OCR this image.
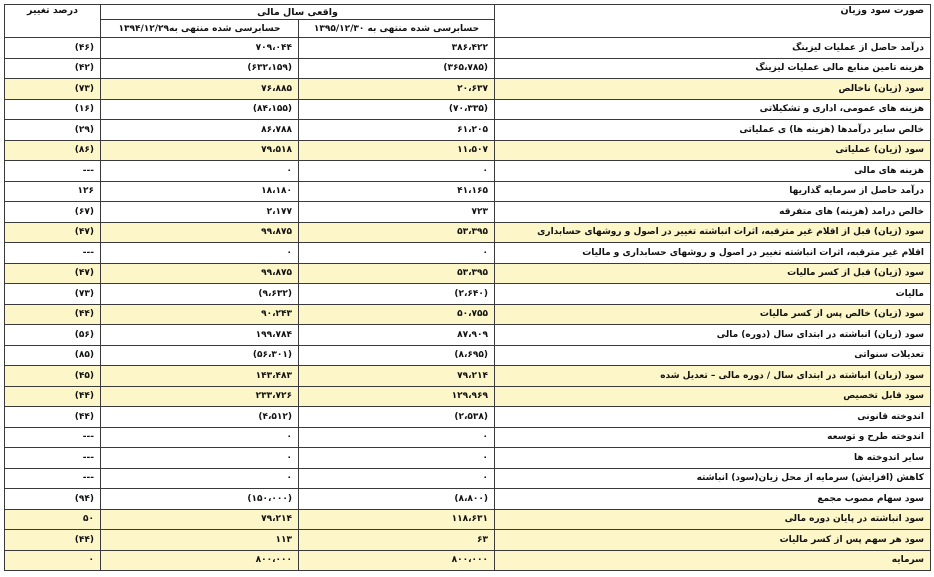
صورت سود وزیان	واقعی سال مالی		درصد تغییر
	حسابرسی شده منتهی به ۱۳۹۵/۱۲/۳۰	حسابرسی شده منتهی به۱۳۹۴/۱۲/۲۹	
درآمد حاصل از عملیات لیزینگ	۳۸۶،۴۲۲	۷۰۹،۰۴۴	(۴۶)
هزینه تامین منابع مالی عملیات لیزینگ	(۳۶۵،۷۸۵)	(۶۳۲،۱۵۹)	(۴۲)
سود (زیان) ناخالص	۲۰،۶۳۷	۷۶،۸۸۵	(۷۳)
هزینه های عمومی، اداری و تشکیلاتی	(۷۰،۳۳۵)	(۸۴،۱۵۵)	(۱۶)
خالص سایر درآمدها (هزینه ها) ی عملیاتی	۶۱،۲۰۵	۸۶،۷۸۸	(۲۹)
سود (زیان) عملیاتی	۱۱،۵۰۷	۷۹،۵۱۸	(۸۶)
هزینه های مالی	۰	۰	---
درآمد حاصل از سرمایه گذاریها	۴۱،۱۶۵	۱۸،۱۸۰	۱۲۶
خالص درامد (هزینه) های متفرقه	۷۲۳	۲،۱۷۷	(۶۷)
سود (زیان) قبل از اقلام غیر مترقبه، اثرات انباشته تغییر در اصول و روشهای حسابداری	۵۳،۳۹۵	۹۹،۸۷۵	(۴۷)
اقلام غیر مترقبه، اثرات انباشته تغییر در اصول و روشهای حسابداری و مالیات	۰	۰	---
سود (زیان) قبل از کسر مالیات	۵۳،۳۹۵	۹۹،۸۷۵	(۴۷)
مالیات	(۲،۶۴۰)	(۹،۶۳۲)	(۷۳)
سود (زیان) خالص پس از کسر مالیات	۵۰،۷۵۵	۹۰،۲۴۳	(۴۴)
سود (زیان) انباشته در ابتدای سال (دوره) مالی	۸۷،۹۰۹	۱۹۹،۷۸۴	(۵۶)
تعدیلات سنواتی	(۸،۶۹۵)	(۵۶،۳۰۱)	(۸۵)
سود (زیان) انباشته در ابتدای سال / دوره مالی – تعدیل شده	۷۹،۲۱۴	۱۴۳،۴۸۳	(۴۵)
سود قابل تخصیص	۱۲۹،۹۶۹	۲۳۳،۷۲۶	(۴۴)
اندوخته قانونی	(۲،۵۳۸)	(۴،۵۱۲)	(۴۴)
اندوخته طرح و توسعه	۰	۰	---
سایر اندوخته ها	۰	۰	---
کاهش (افزایش) سرمایه از محل زیان(سود) انباشته	۰	۰	---
سود سهام مصوب مجمع	(۸،۸۰۰)	(۱۵۰،۰۰۰)	(۹۴)
سود انباشته در پایان دوره مالی	۱۱۸،۶۳۱	۷۹،۲۱۴	۵۰
سود هر سهم پس از کسر مالیات	۶۳	۱۱۳	(۴۴)
سرمایه	۸۰۰،۰۰۰	۸۰۰،۰۰۰	۰
